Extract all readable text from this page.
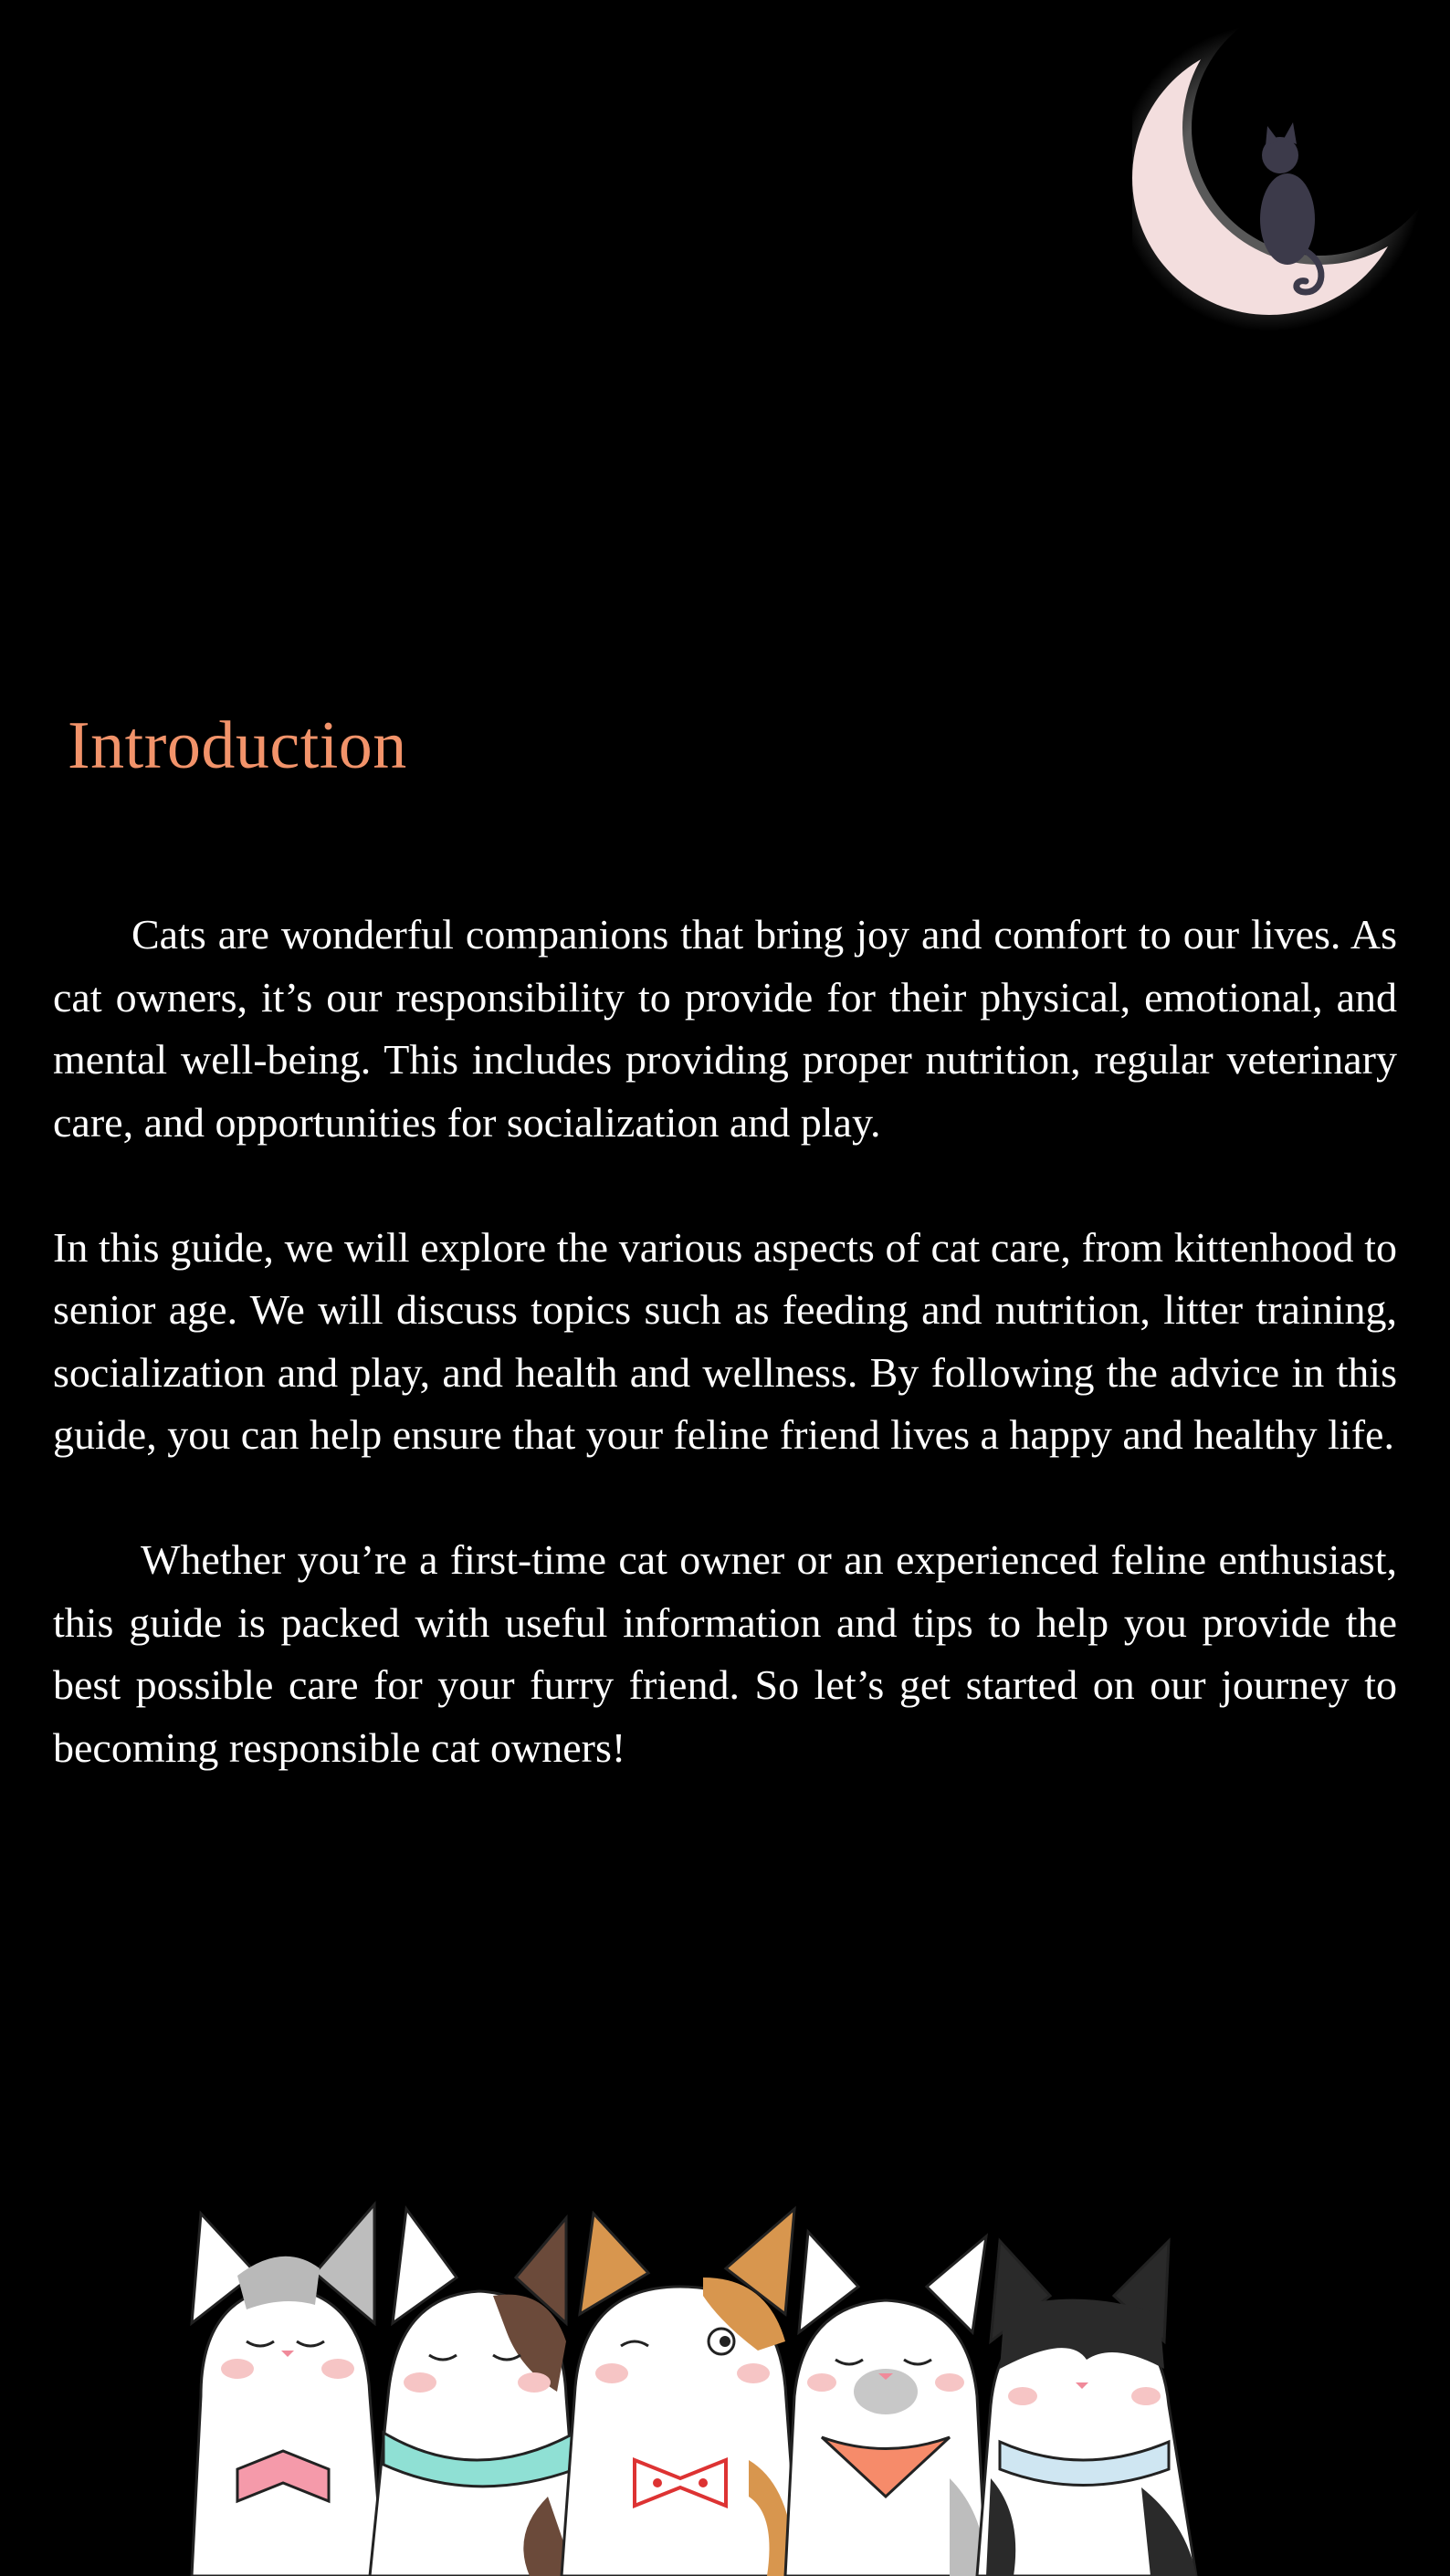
Introduction

Cats are wonderful companions that bring joy and comfort to our lives. As cat owners, it’s our responsibility to provide for their physical, emotional, and mental well-being. This includes providing proper nutrition, regular veterinary care, and opportunities for socialization and play.

In this guide, we will explore the various aspects of cat care, from kittenhood to senior age. We will discuss topics such as feeding and nutrition, litter training, socialization and play, and health and wellness. By following the advice in this guide, you can help ensure that your feline friend lives a happy and healthy life.

Whether you’re a first-time cat owner or an experienced feline enthusiast, this guide is packed with useful information and tips to help you provide the best possible care for your furry friend. So let’s get started on our journey to becoming responsible cat owners!
